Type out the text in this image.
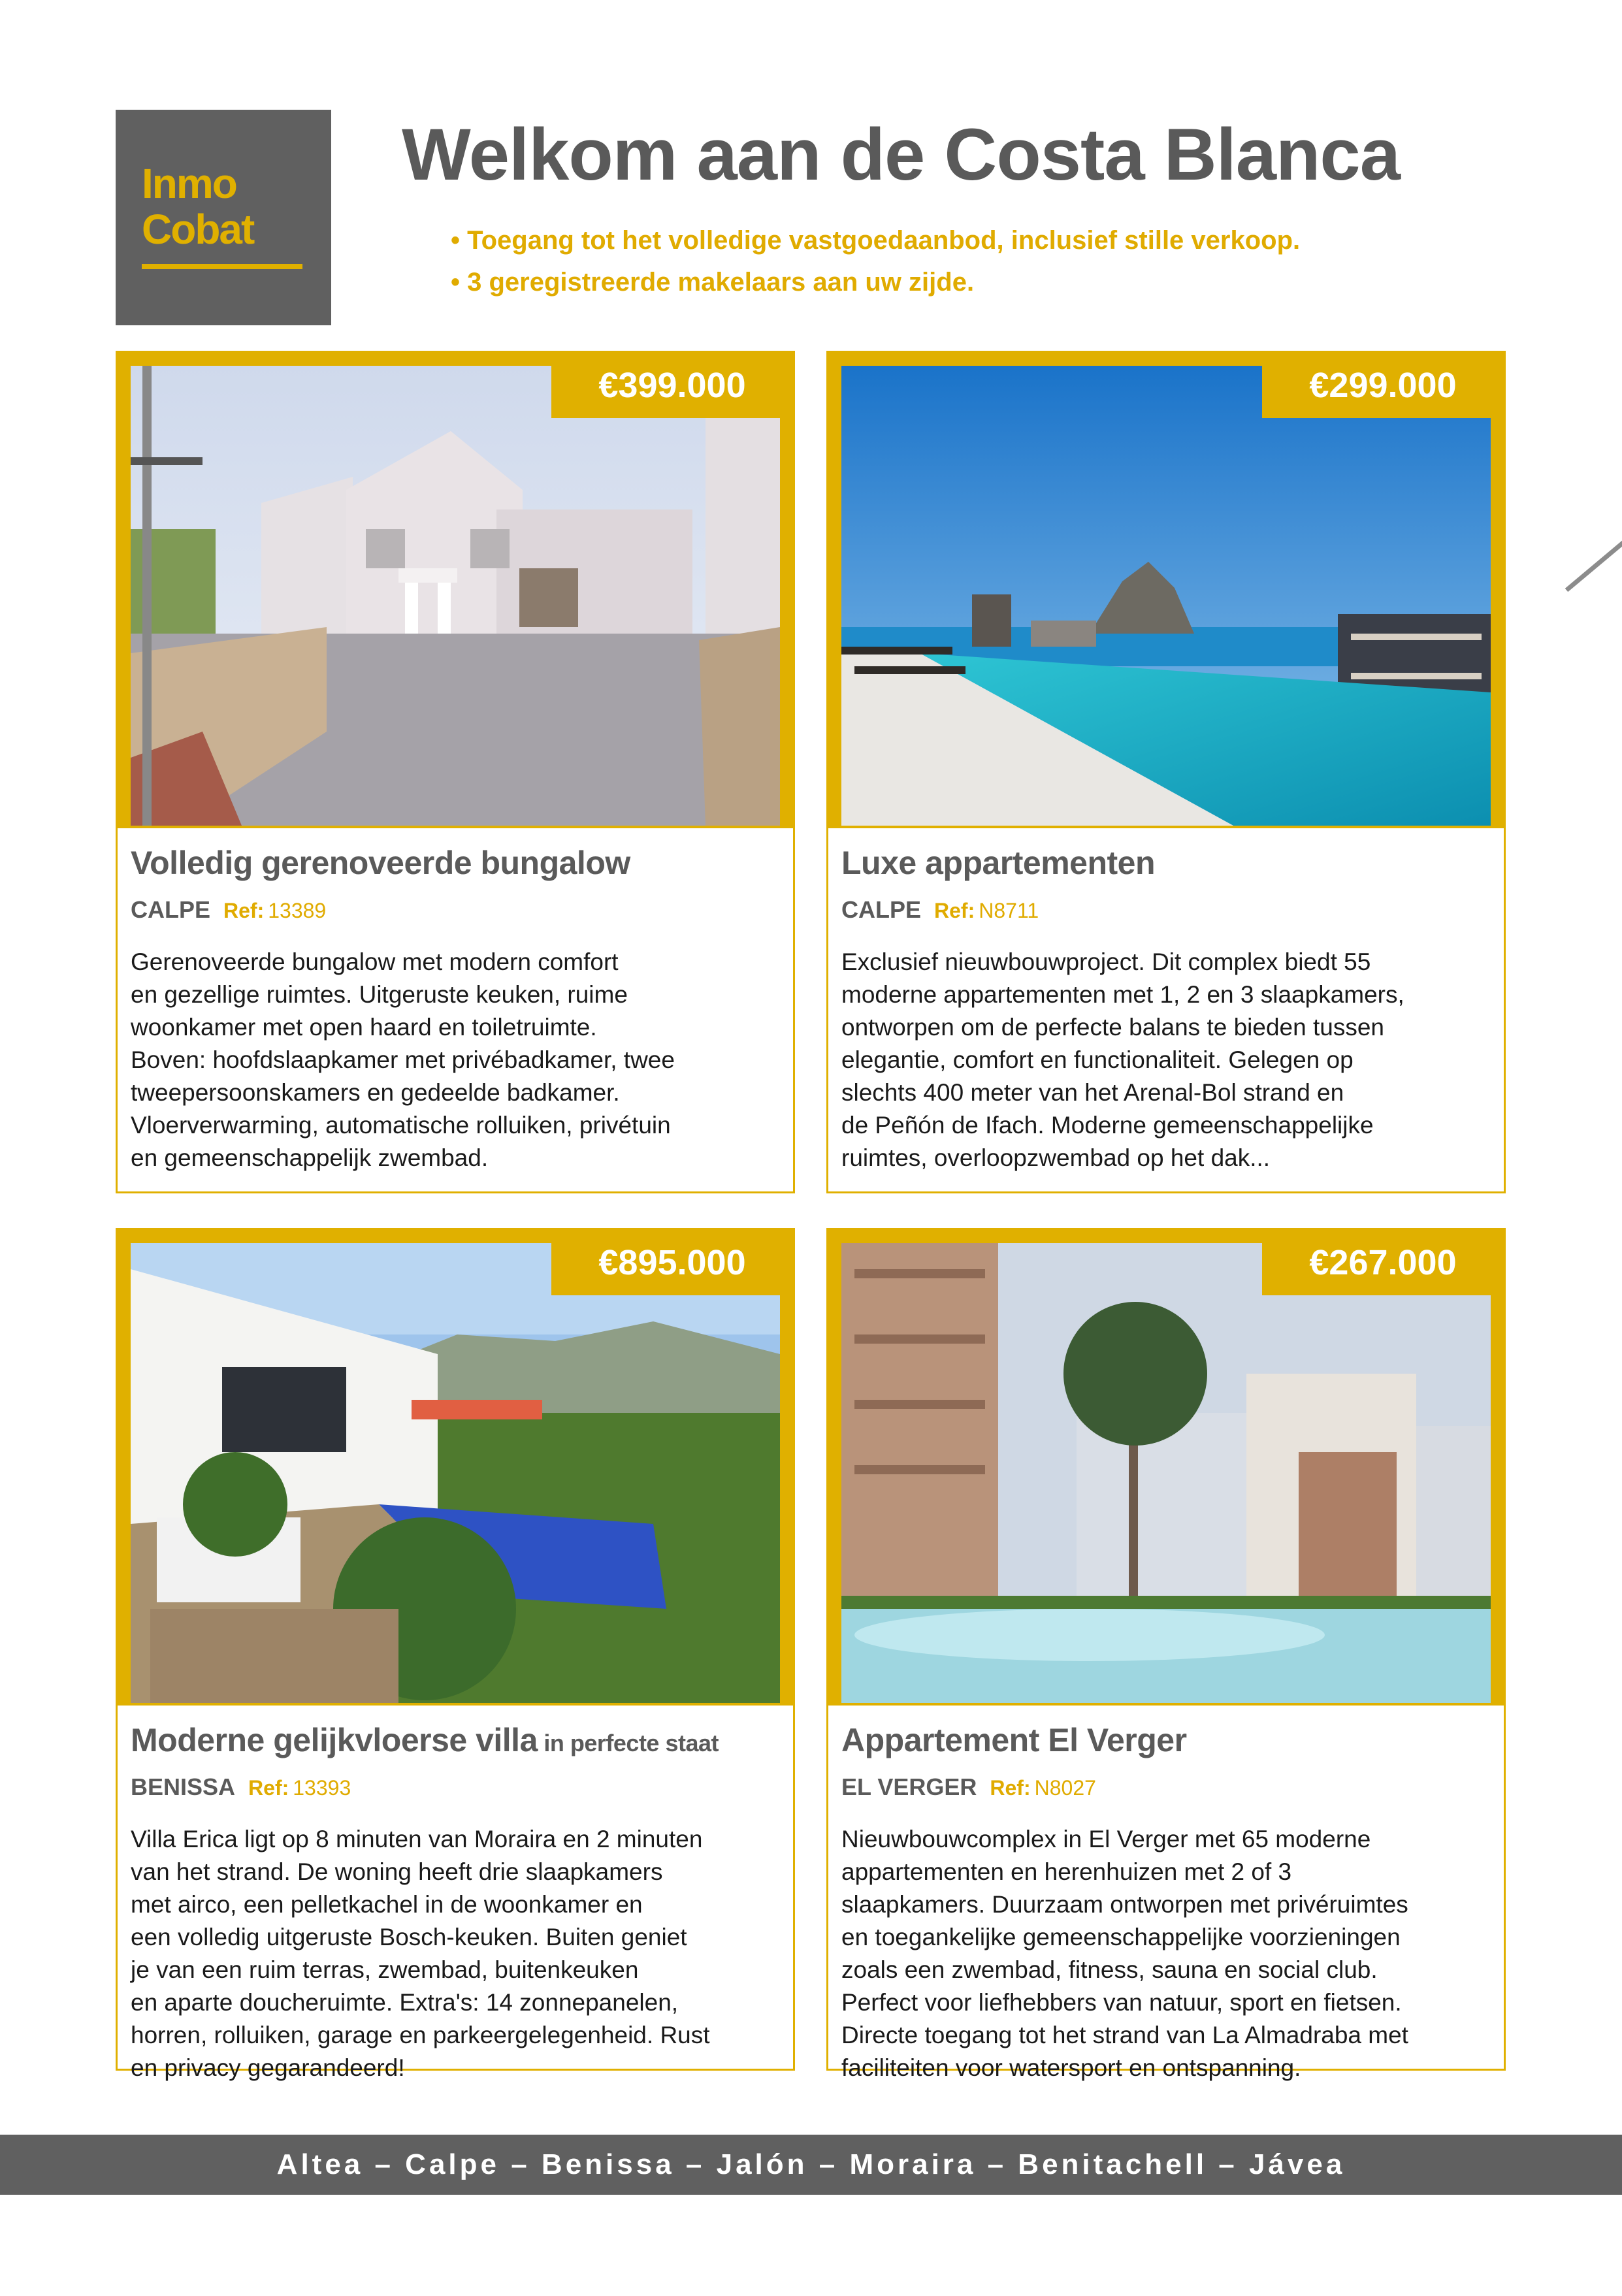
Inmo
Cobat
Welkom aan de Costa Blanca
• Toegang tot het volledige vastgoedaanbod, inclusief stille verkoop.
• 3 geregistreerde makelaars aan uw zijde.
€399.000
Volledig gerenoveerde bungalow
CALPE Ref: 13389
Gerenoveerde bungalow met modern comfort
en gezellige ruimtes. Uitgeruste keuken, ruime
woonkamer met open haard en toiletruimte.
Boven: hoofdslaapkamer met privébadkamer, twee
tweepersoonskamers en gedeelde badkamer.
Vloerverwarming, automatische rolluiken, privétuin
en gemeenschappelijk zwembad.
€299.000
Luxe appartementen
CALPE Ref: N8711
Exclusief nieuwbouwproject. Dit complex biedt 55
moderne appartementen met 1, 2 en 3 slaapkamers,
ontworpen om de perfecte balans te bieden tussen
elegantie, comfort en functionaliteit. Gelegen op
slechts 400 meter van het Arenal-Bol strand en
de Peñón de Ifach. Moderne gemeenschappelijke
ruimtes, overloopzwembad op het dak...
€895.000
Moderne gelijkvloerse villa in perfecte staat
BENISSA Ref: 13393
Villa Erica ligt op 8 minuten van Moraira en 2 minuten
van het strand. De woning heeft drie slaapkamers
met airco, een pelletkachel in de woonkamer en
een volledig uitgeruste Bosch-keuken. Buiten geniet
je van een ruim terras, zwembad, buitenkeuken
en aparte doucheruimte. Extra's: 14 zonnepanelen,
horren, rolluiken, garage en parkeergelegenheid. Rust
en privacy gegarandeerd!
€267.000
Appartement El Verger
EL VERGER Ref: N8027
Nieuwbouwcomplex in El Verger met 65 moderne
appartementen en herenhuizen met 2 of 3
slaapkamers. Duurzaam ontworpen met privéruimtes
en toegankelijke gemeenschappelijke voorzieningen
zoals een zwembad, fitness, sauna en social club.
Perfect voor liefhebbers van natuur, sport en fietsen.
Directe toegang tot het strand van La Almadraba met
faciliteiten voor watersport en ontspanning.
Altea – Calpe – Benissa – Jalón – Moraira – Benitachell – Jávea
